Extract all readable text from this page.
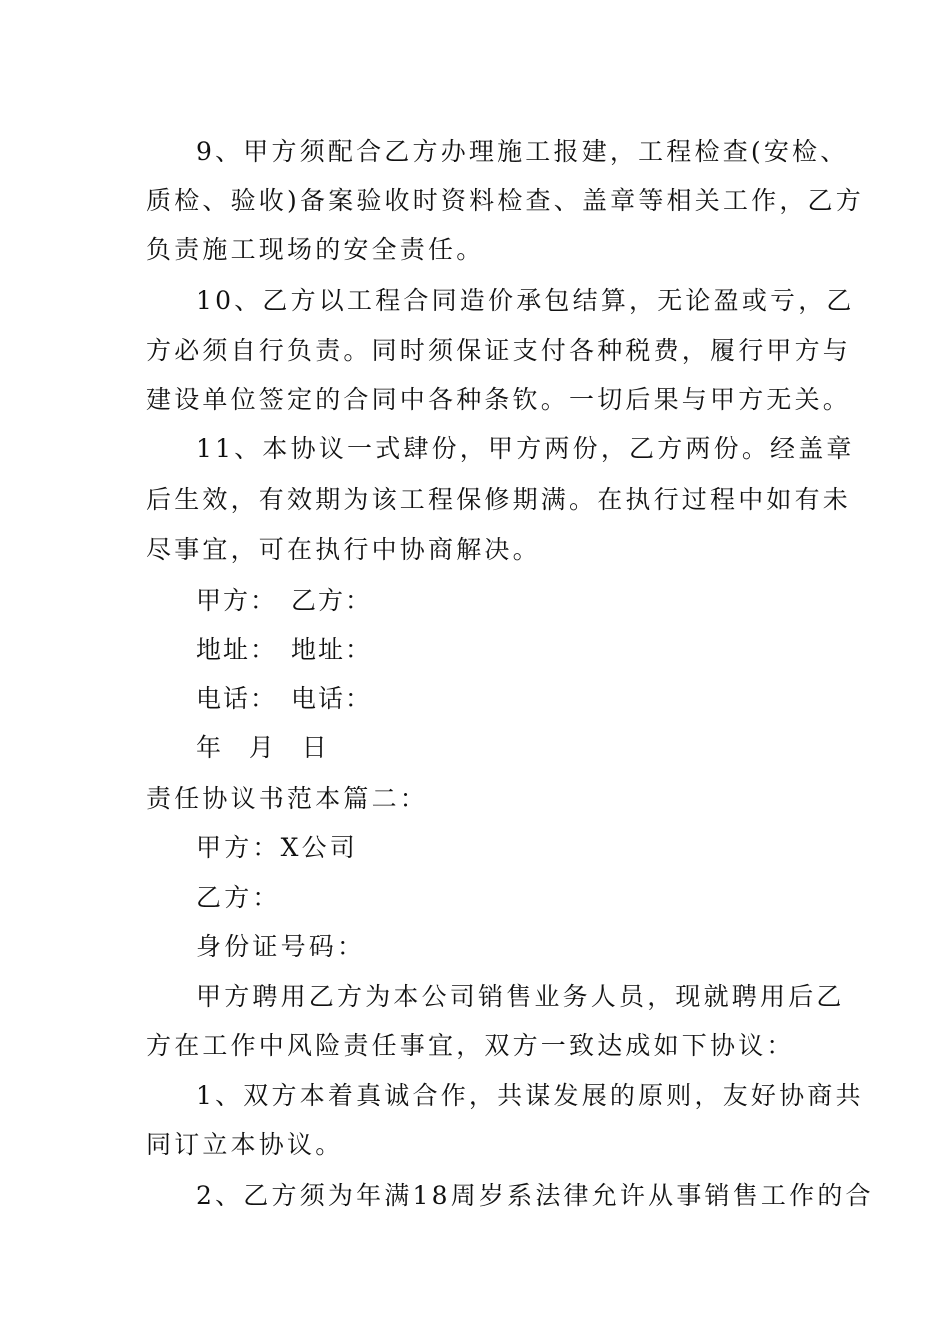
9、甲方须配合乙方办理施工报建，工程检查(安检、
质检、验收)备案验收时资料检查、盖章等相关工作，乙方
负责施工现场的安全责任。
10、乙方以工程合同造价承包结算，无论盈或亏，乙
方必须自行负责。同时须保证支付各种税费，履行甲方与
建设单位签定的合同中各种条钦。一切后果与甲方无关。
11、本协议一式肆份，甲方两份，乙方两份。经盖章
后生效，有效期为该工程保修期满。在执行过程中如有未
尽事宜，可在执行中协商解决。
甲方： 乙方：
地址： 地址：
电话： 电话：
年  月  日
责任协议书范本篇二：
甲方：X公司
乙方：
身份证号码：
甲方聘用乙方为本公司销售业务人员，现就聘用后乙
方在工作中风险责任事宜，双方一致达成如下协议：
1、双方本着真诚合作，共谋发展的原则，友好协商共
同订立本协议。
2、乙方须为年满18周岁系法律允许从事销售工作的合
